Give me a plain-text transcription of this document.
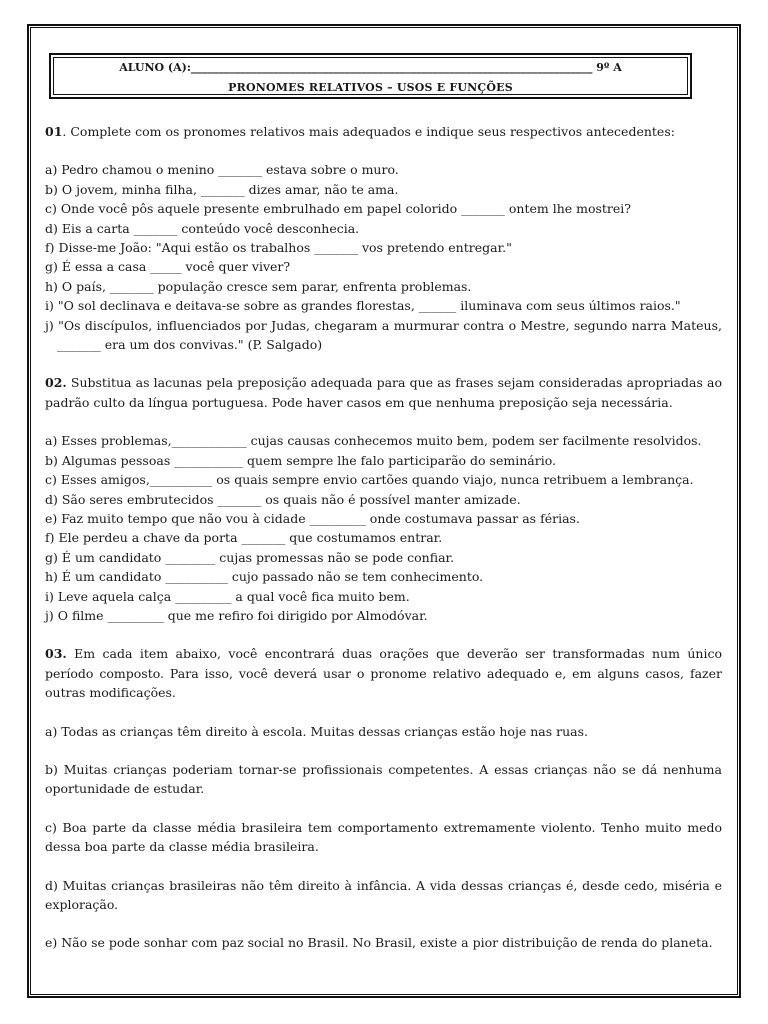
ALUNO (A):_________________________________________________________________________ 9º A
PRONOMES RELATIVOS – USOS E FUNÇÕES

01. Complete com os pronomes relativos mais adequados e indique seus respectivos antecedentes:

a) Pedro chamou o menino _______ estava sobre o muro.

b) O jovem, minha filha, _______ dizes amar, não te ama.

c) Onde você pôs aquele presente embrulhado em papel colorido _______ ontem lhe mostrei?

d) Eis a carta _______ conteúdo você desconhecia.

f) Disse-me João: "Aqui estão os trabalhos _______ vos pretendo entregar."

g) É essa a casa _____ você quer viver?

h) O país, _______ população cresce sem parar, enfrenta problemas.

i) "O sol declinava e deitava-se sobre as grandes florestas, ______ iluminava com seus últimos raios."

j) "Os discípulos, influenciados por Judas, chegaram a murmurar contra o Mestre, segundo narra Mateus, _______ era um dos convivas." (P. Salgado)

02. Substitua as lacunas pela preposição adequada para que as frases sejam consideradas apropriadas ao padrão culto da língua portuguesa. Pode haver casos em que nenhuma preposição seja necessária.

a) Esses problemas,____________ cujas causas conhecemos muito bem, podem ser facilmente resolvidos.

b) Algumas pessoas ___________ quem sempre lhe falo participarão do seminário.

c) Esses amigos,__________ os quais sempre envio cartões quando viajo, nunca retribuem a lembrança.

d) São seres embrutecidos _______ os quais não é possível manter amizade.

e) Faz muito tempo que não vou à cidade _________ onde costumava passar as férias.

f) Ele perdeu a chave da porta _______ que costumamos entrar.

g) É um candidato ________ cujas promessas não se pode confiar.

h) É um candidato __________ cujo passado não se tem conhecimento.

i) Leve aquela calça _________ a qual você fica muito bem.

j) O filme _________ que me refiro foi dirigido por Almodóvar.

03. Em cada item abaixo, você encontrará duas orações que deverão ser transformadas num único período composto. Para isso, você deverá usar o pronome relativo adequado e, em alguns casos, fazer outras modificações.

a) Todas as crianças têm direito à escola. Muitas dessas crianças estão hoje nas ruas.

b) Muitas crianças poderiam tornar-se profissionais competentes. A essas crianças não se dá nenhuma oportunidade de estudar.

c) Boa parte da classe média brasileira tem comportamento extremamente violento. Tenho muito medo dessa boa parte da classe média brasileira.

d) Muitas crianças brasileiras não têm direito à infância. A vida dessas crianças é, desde cedo, miséria e exploração.

e) Não se pode sonhar com paz social no Brasil. No Brasil, existe a pior distribuição de renda do planeta.
